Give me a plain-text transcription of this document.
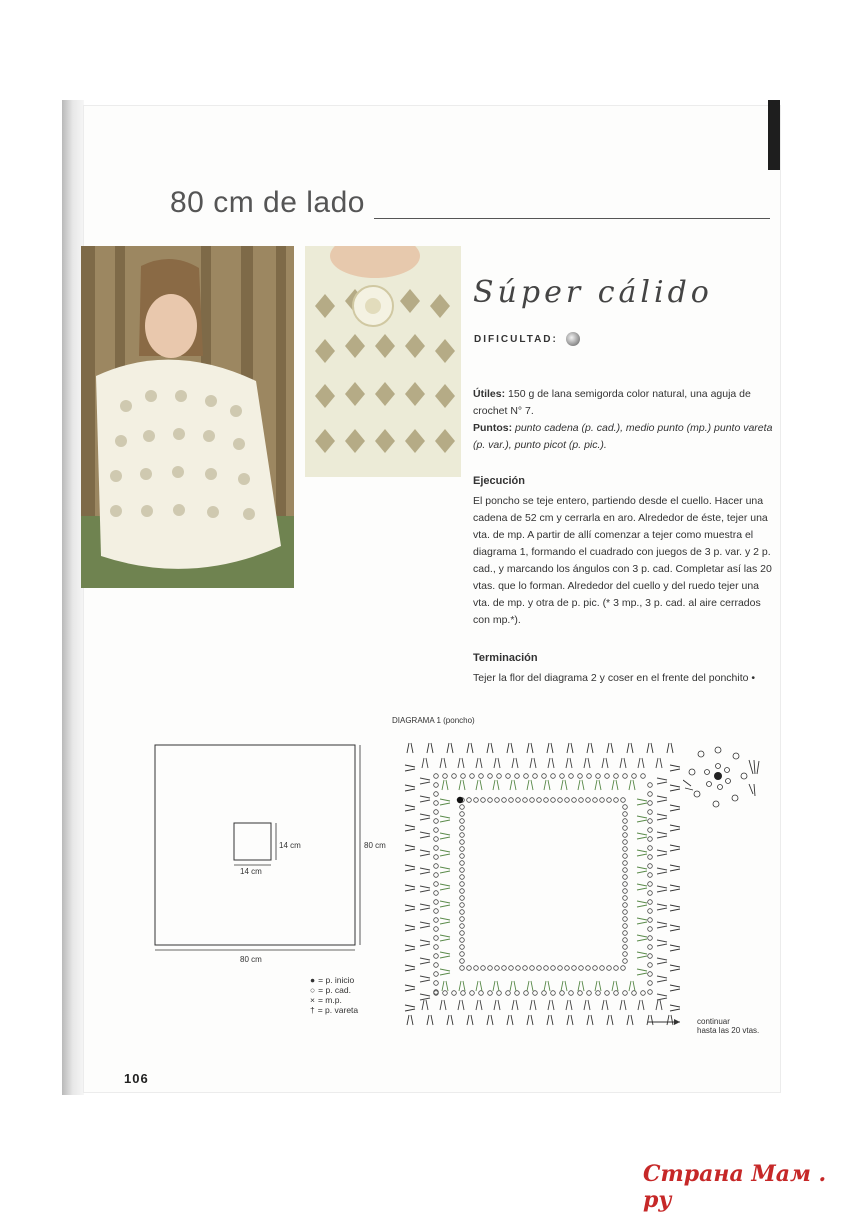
80 cm de lado
Súper cálido
DIFICULTAD:
Útiles: 150 g de lana semigorda color natural, una aguja de crochet N° 7.
Puntos: punto cadena (p. cad.), medio punto (mp.) punto vareta (p. var.), punto picot (p. pic.).
Ejecución
El poncho se teje entero, partiendo desde el cuello. Hacer una cadena de 52 cm y cerrarla en aro. Alrededor de éste, tejer una vta. de mp. A partir de allí comenzar a tejer como muestra el diagrama 1, formando el cuadrado con juegos de 3 p. var. y 2 p. cad., y marcando los ángulos con 3 p. cad. Completar así las 20 vtas. que lo forman. Alrededor del cuello y del ruedo tejer una vta. de mp. y otra de p. pic. (* 3 mp., 3 p. cad. al aire cerrados con mp.*).
Terminación
Tejer la flor del diagrama 2 y coser en el frente del ponchito •
14 cm
14 cm
80 cm
80 cm
DIAGRAMA 1 (poncho)
● = p. inicio
○ = p. cad.
× = m.p.
† = p. vareta
continuar
hasta las 20 vtas.
106
Страна Мам . ру
